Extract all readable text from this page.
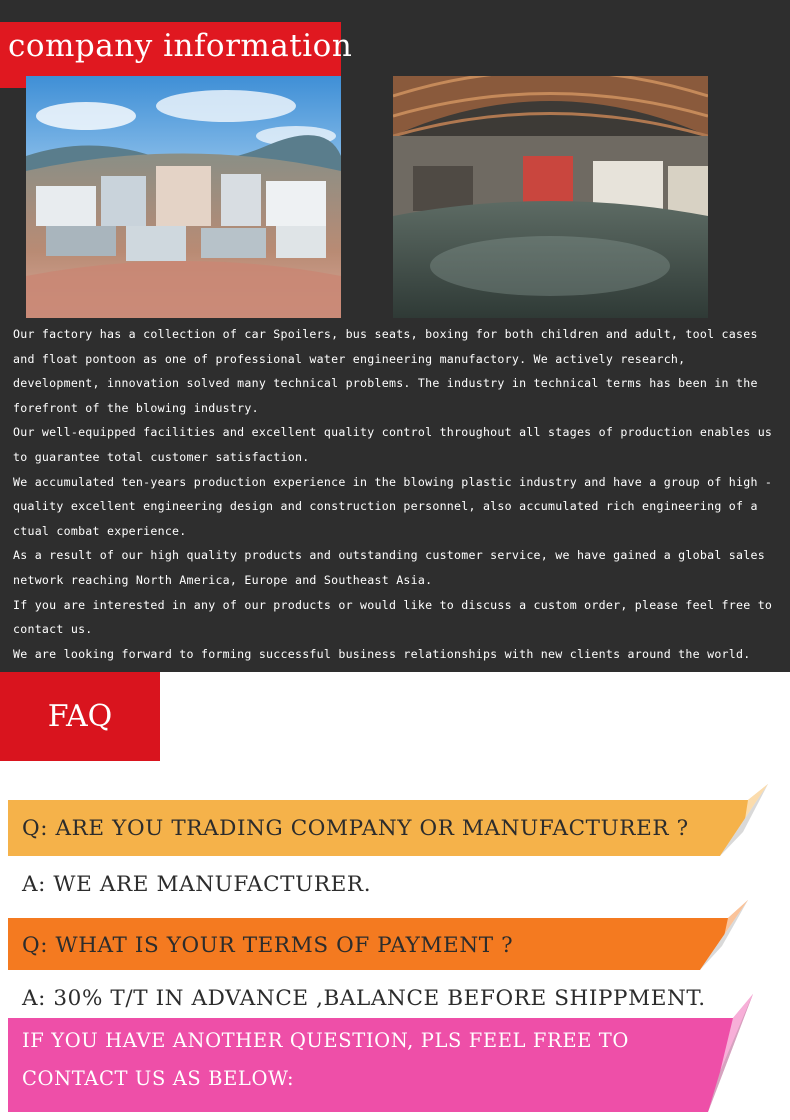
company information

Our factory has a collection of car Spoilers, bus seats, boxing for both children and adult, tool cases and float pontoon as one of professional water engineering manufactory. We actively research, development, innovation solved many technical problems. The industry in technical terms has been in the forefront of the blowing industry.

Our well-equipped facilities and excellent quality control throughout all stages of production enables us to guarantee total customer satisfaction.

We accumulated ten-years production experience in the blowing plastic industry and have a group of high -quality excellent engineering design and construction personnel, also accumulated rich engineering of a ctual combat experience.

As a result of our high quality products and outstanding customer service, we have gained a global sales network reaching North America, Europe and Southeast Asia.

If you are interested in any of our products or would like to discuss a custom order, please feel free to contact us.

We are looking forward to forming successful business relationships with new clients around the world.

FAQ
Q: ARE YOU TRADING COMPANY OR MANUFACTURER ?
A: WE ARE MANUFACTURER.
Q: WHAT IS YOUR TERMS OF PAYMENT ?
IF YOU HAVE ANOTHER QUESTION, PLS FEEL FREE TO CONTACT US AS BELOW:
A: 30% T/T IN ADVANCE ,BALANCE BEFORE SHIPPMENT.
